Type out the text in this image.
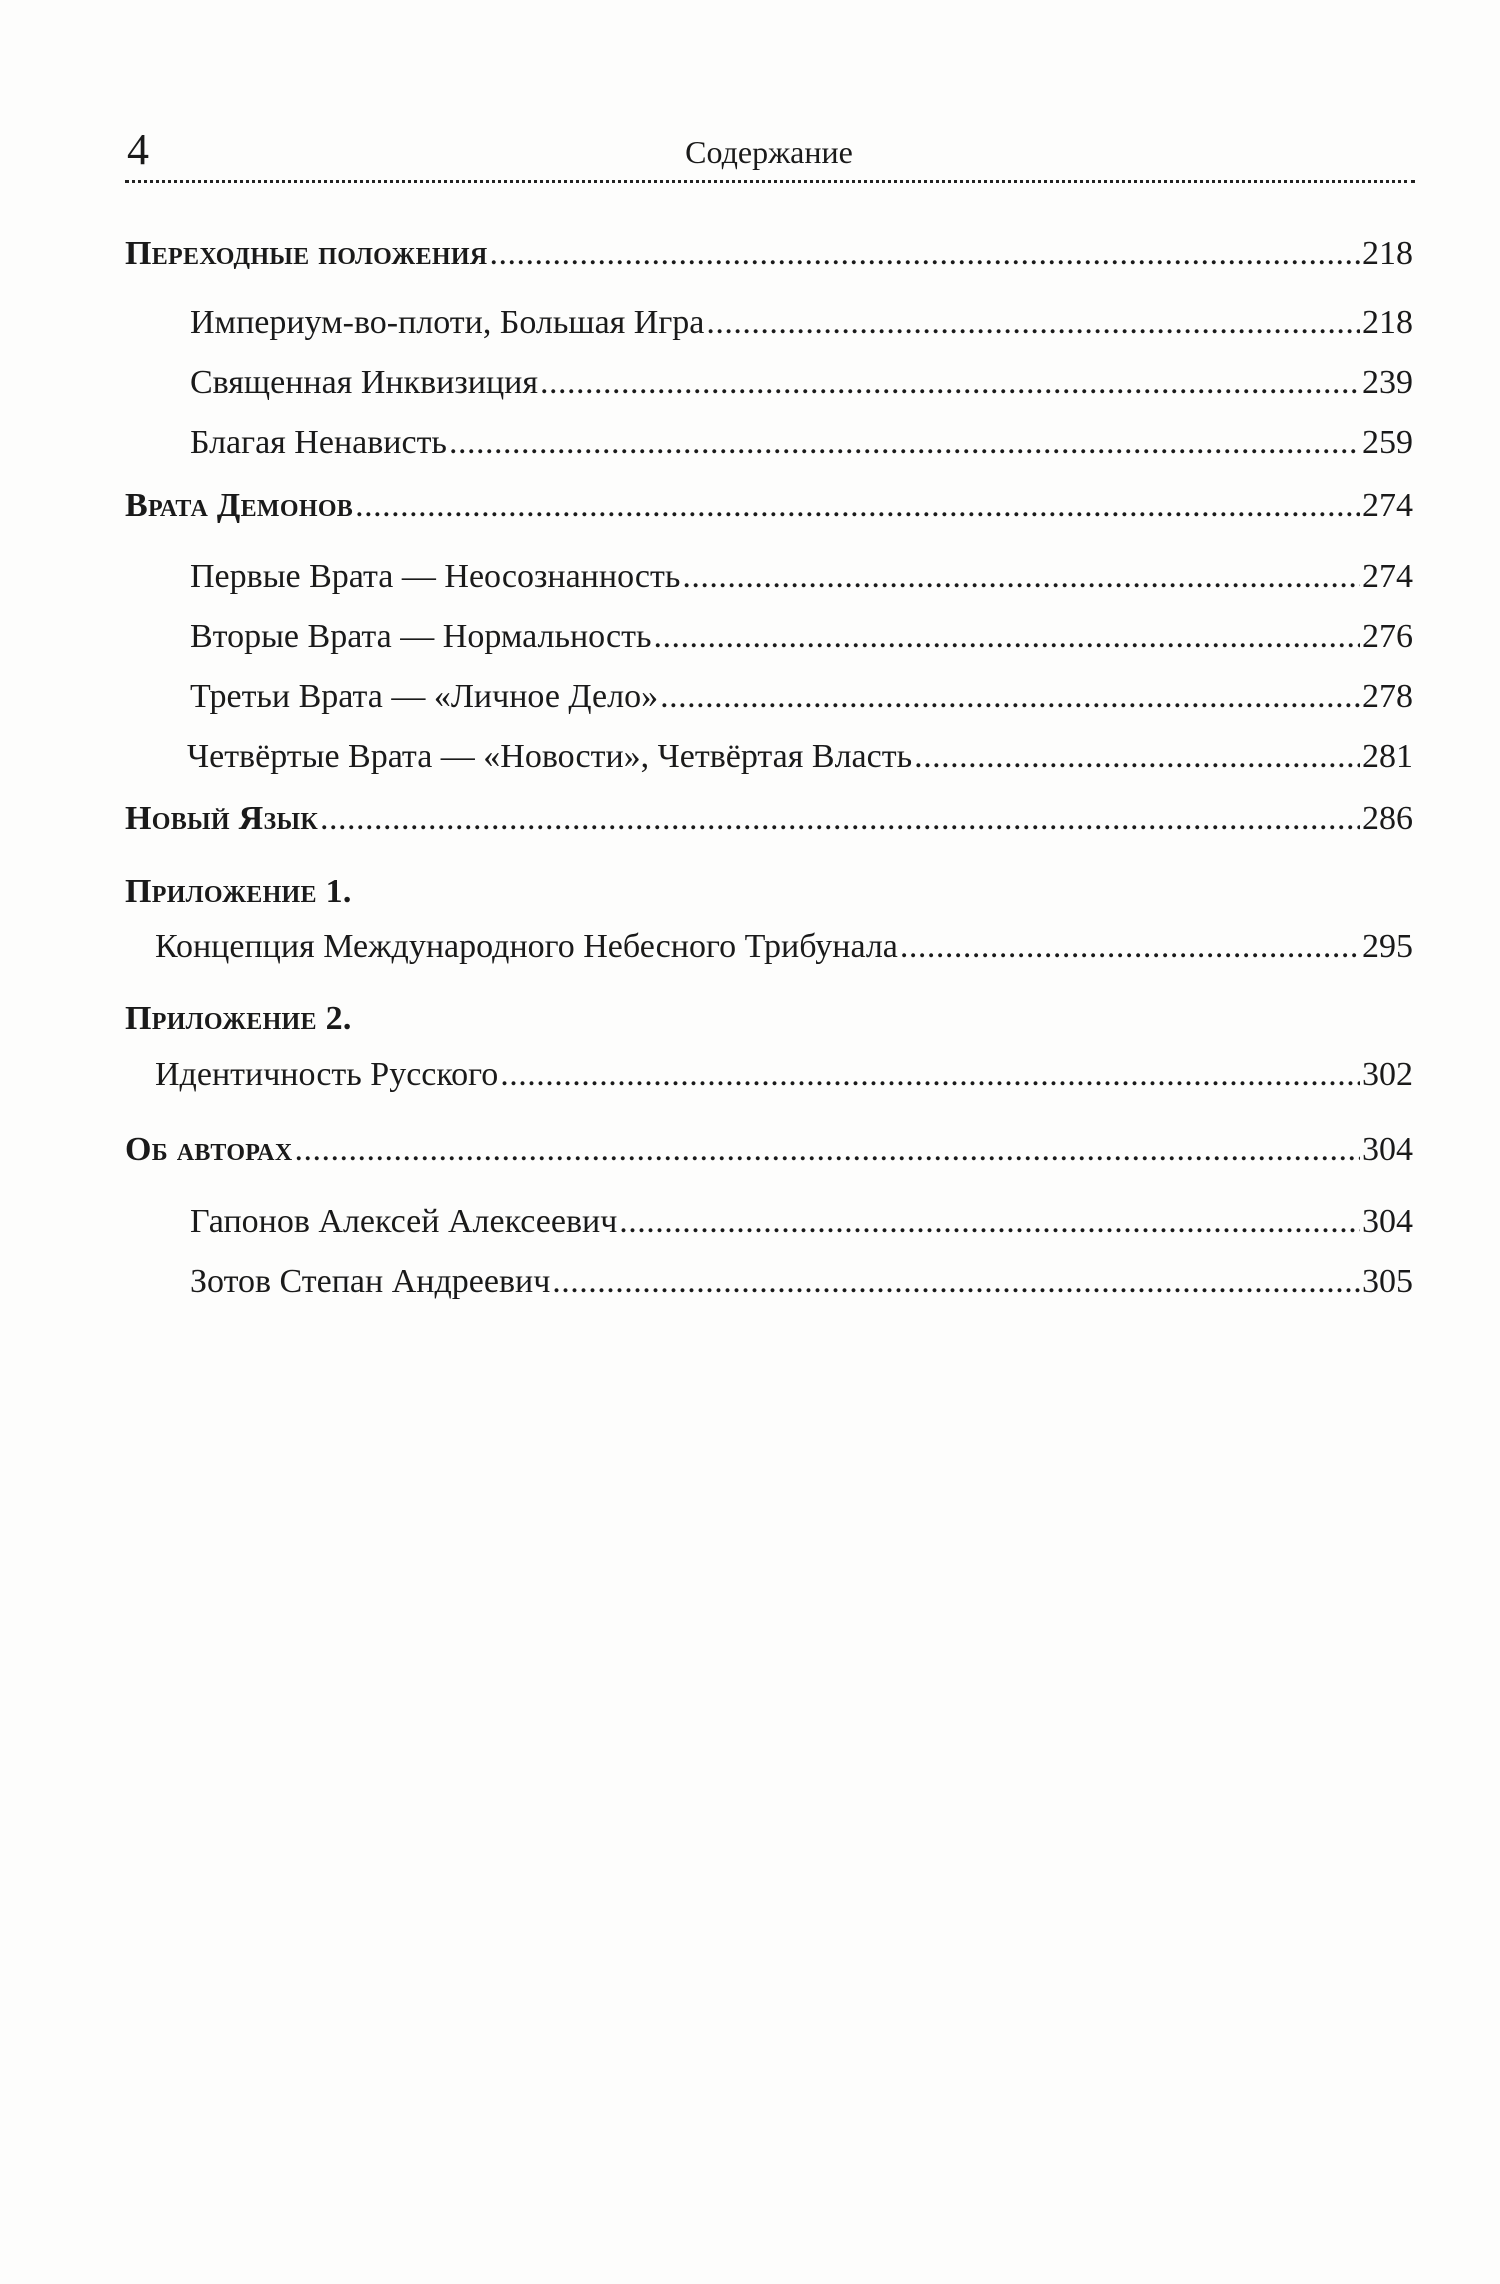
4	Содержание
Переходные положения . . .	218
Империум-во-плоти, Большая Игра . . .	218
Священная Инквизиция . . .	239
Благая Ненависть . . .	259
Врата Демонов . . .	274
Первые Врата — Неосознанность . . .	274
Вторые Врата — Нормальность . . .	276
Третьи Врата — «Личное Дело» . . .	278
Четвёртые Врата — «Новости», Четвёртая Власть . . .	281
Новый Язык . . .	286
Приложение 1.
Концепция Международного Небесного Трибунала . . .	295
Приложение 2.
Идентичность Русского . . .	302
Об авторах . . .	304
Гапонов Алексей Алексеевич . . .	304
Зотов Степан Андреевич . . .	305
